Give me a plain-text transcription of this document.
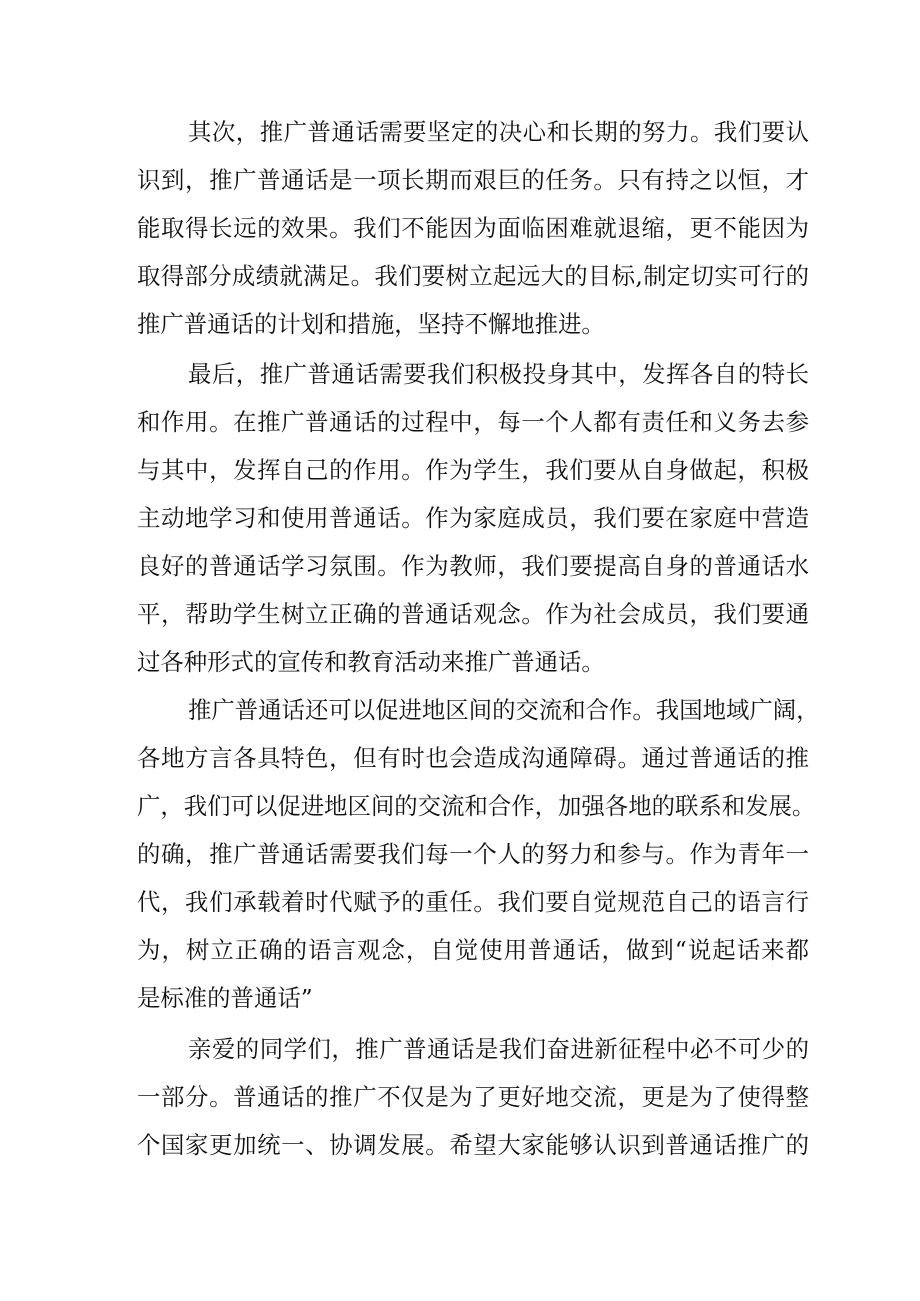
其次，推广普通话需要坚定的决心和长期的努力。我们要认
识到，推广普通话是一项长期而艰巨的任务。只有持之以恒，才
能取得长远的效果。我们不能因为面临困难就退缩，更不能因为
取得部分成绩就满足。我们要树立起远大的目标,制定切实可行的
推广普通话的计划和措施，坚持不懈地推进。
最后，推广普通话需要我们积极投身其中，发挥各自的特长
和作用。在推广普通话的过程中，每一个人都有责任和义务去参
与其中，发挥自己的作用。作为学生，我们要从自身做起，积极
主动地学习和使用普通话。作为家庭成员，我们要在家庭中营造
良好的普通话学习氛围。作为教师，我们要提高自身的普通话水
平，帮助学生树立正确的普通话观念。作为社会成员，我们要通
过各种形式的宣传和教育活动来推广普通话。
推广普通话还可以促进地区间的交流和合作。我国地域广阔，
各地方言各具特色，但有时也会造成沟通障碍。通过普通话的推
广，我们可以促进地区间的交流和合作，加强各地的联系和发展。
的确，推广普通话需要我们每一个人的努力和参与。作为青年一
代，我们承载着时代赋予的重任。我们要自觉规范自己的语言行
为，树立正确的语言观念，自觉使用普通话，做到“说起话来都
是标准的普通话”
亲爱的同学们，推广普通话是我们奋进新征程中必不可少的
一部分。普通话的推广不仅是为了更好地交流，更是为了使得整
个国家更加统一、协调发展。希望大家能够认识到普通话推广的
